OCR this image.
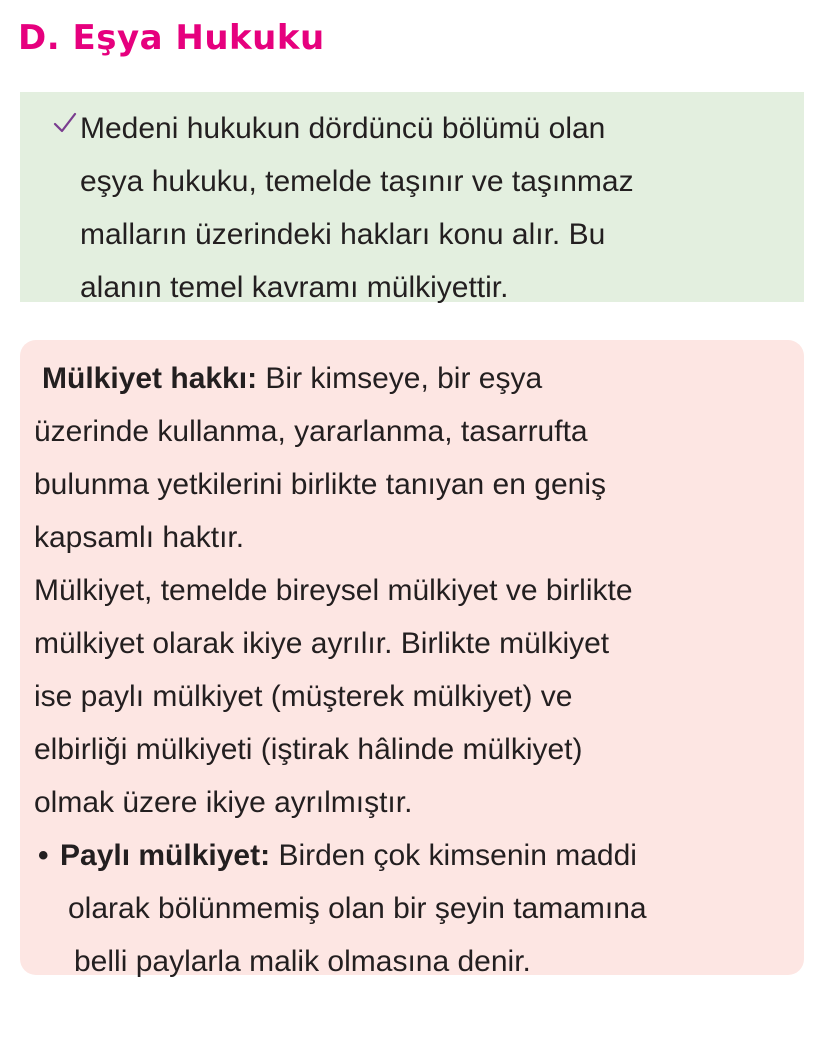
D. Eşya Hukuku

Medeni hukukun dördüncü bölümü olan
eşya hukuku, temelde taşınır ve taşınmaz
malların üzerindeki hakları konu alır. Bu
alanın temel kavramı mülkiyettir.

Mülkiyet hakkı: Bir kimseye, bir eşya
üzerinde kullanma, yararlanma, tasarrufta
bulunma yetkilerini birlikte tanıyan en geniş
kapsamlı haktır.

Mülkiyet, temelde bireysel mülkiyet ve birlikte
mülkiyet olarak ikiye ayrılır. Birlikte mülkiyet
ise paylı mülkiyet (müşterek mülkiyet) ve
elbirliği mülkiyeti (iştirak hâlinde mülkiyet)
olmak üzere ikiye ayrılmıştır.

• Paylı mülkiyet: Birden çok kimsenin maddi
olarak bölünmemiş olan bir şeyin tamamına
belli paylarla malik olmasına denir.
